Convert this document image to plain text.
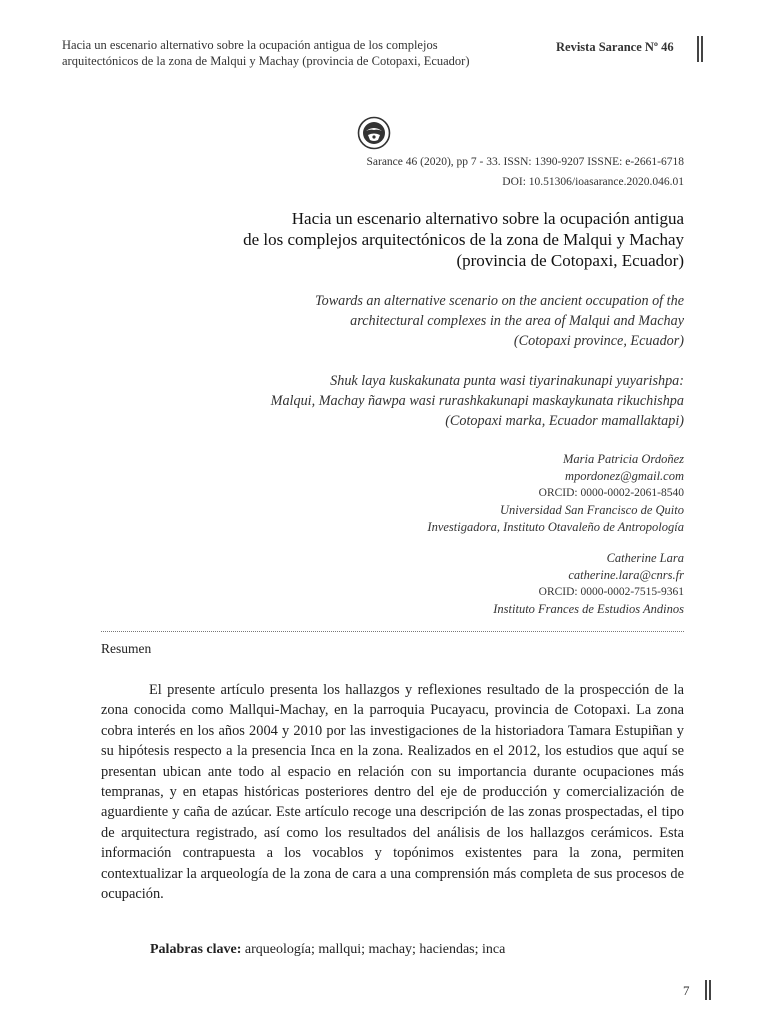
Hacia un escenario alternativo sobre la ocupación antigua de los complejos
arquitectónicos de la zona de Malqui y Machay (provincia de Cotopaxi, Ecuador)
Revista Sarance Nº 46
Sarance 46 (2020), pp 7 - 33. ISSN: 1390-9207 ISSNE: e-2661-6718
DOI: 10.51306/ioasarance.2020.046.01
Hacia un escenario alternativo sobre la ocupación antigua
de los complejos arquitectónicos de la zona de Malqui y Machay
(provincia de Cotopaxi, Ecuador)
Towards an alternative scenario on the ancient occupation of the
architectural complexes in the area of Malqui and Machay
(Cotopaxi province, Ecuador)
Shuk laya kuskakunata punta wasi tiyarinakunapi yuyarishpa:
Malqui, Machay ñawpa wasi rurashkakunapi maskaykunata rikuchishpa
(Cotopaxi marka, Ecuador mamallaktapi)
Maria Patricia Ordoñez
mpordonez@gmail.com
ORCID: 0000-0002-2061-8540
Universidad San Francisco de Quito
Investigadora, Instituto Otavaleño de Antropología
Catherine Lara
catherine.lara@cnrs.fr
ORCID: 0000-0002-7515-9361
Instituto Frances de Estudios Andinos
Resumen

El presente artículo presenta los hallazgos y reflexiones resultado de la prospección de la zona conocida como Mallqui-Machay, en la parroquia Pucayacu, provincia de Cotopaxi. La zona cobra interés en los años 2004 y 2010 por las investigaciones de la historiadora Tamara Estupiñan y su hipótesis respecto a la presencia Inca en la zona. Realizados en el 2012, los estudios que aquí se presentan ubican ante todo al espacio en relación con su importancia durante ocupaciones más tempranas, y en etapas históricas posteriores dentro del eje de producción y comercialización de aguardiente y caña de azúcar. Este artículo recoge una descripción de las zonas prospectadas, el tipo de arquitectura registrado, así como los resultados del análisis de los hallazgos cerámicos. Esta información contrapuesta a los vocablos y topónimos existentes para la zona, permiten contextualizar la arqueología de la zona de cara a una comprensión más completa de sus procesos de ocupación.

Palabras clave: arqueología; mallqui; machay; haciendas; inca
7
